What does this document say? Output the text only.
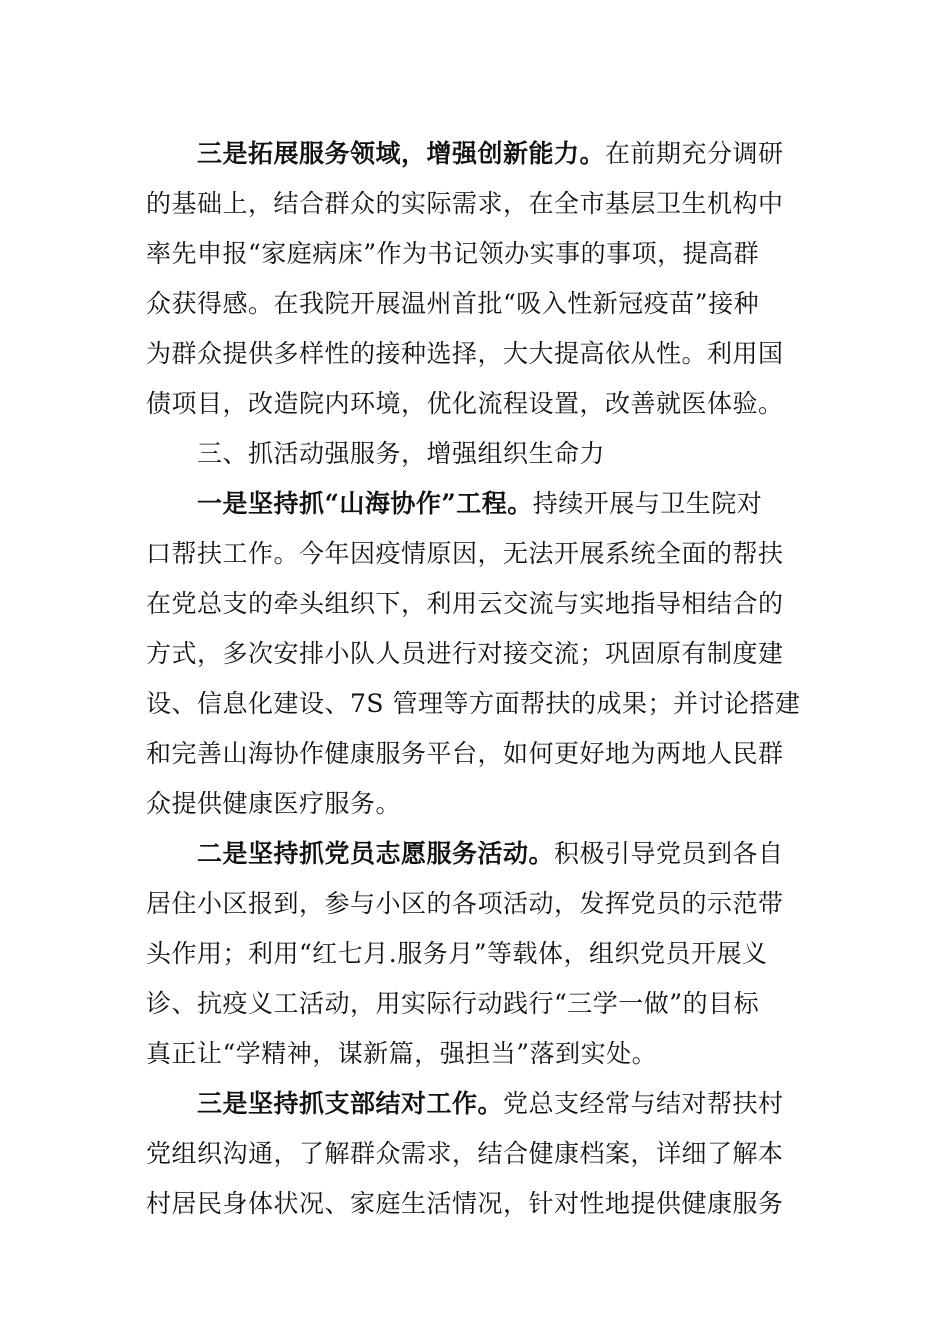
三是拓展服务领域，增强创新能力。在前期充分调研
的基础上，结合群众的实际需求，在全市基层卫生机构中
率先申报“家庭病床”作为书记领办实事的事项，提高群
众获得感。在我院开展温州首批“吸入性新冠疫苗”接种
为群众提供多样性的接种选择，大大提高依从性。利用国
债项目，改造院内环境，优化流程设置，改善就医体验。
三、抓活动强服务，增强组织生命力
一是坚持抓“山海协作”工程。持续开展与卫生院对
口帮扶工作。今年因疫情原因，无法开展系统全面的帮扶
在党总支的牵头组织下，利用云交流与实地指导相结合的
方式，多次安排小队人员进行对接交流；巩固原有制度建
设、信息化建设、7S 管理等方面帮扶的成果；并讨论搭建
和完善山海协作健康服务平台，如何更好地为两地人民群
众提供健康医疗服务。
二是坚持抓党员志愿服务活动。积极引导党员到各自
居住小区报到，参与小区的各项活动，发挥党员的示范带
头作用；利用“红七月.服务月”等载体，组织党员开展义
诊、抗疫义工活动，用实际行动践行“三学一做”的目标
真正让“学精神，谋新篇，强担当”落到实处。
三是坚持抓支部结对工作。党总支经常与结对帮扶村
党组织沟通，了解群众需求，结合健康档案，详细了解本
村居民身体状况、家庭生活情况，针对性地提供健康服务
